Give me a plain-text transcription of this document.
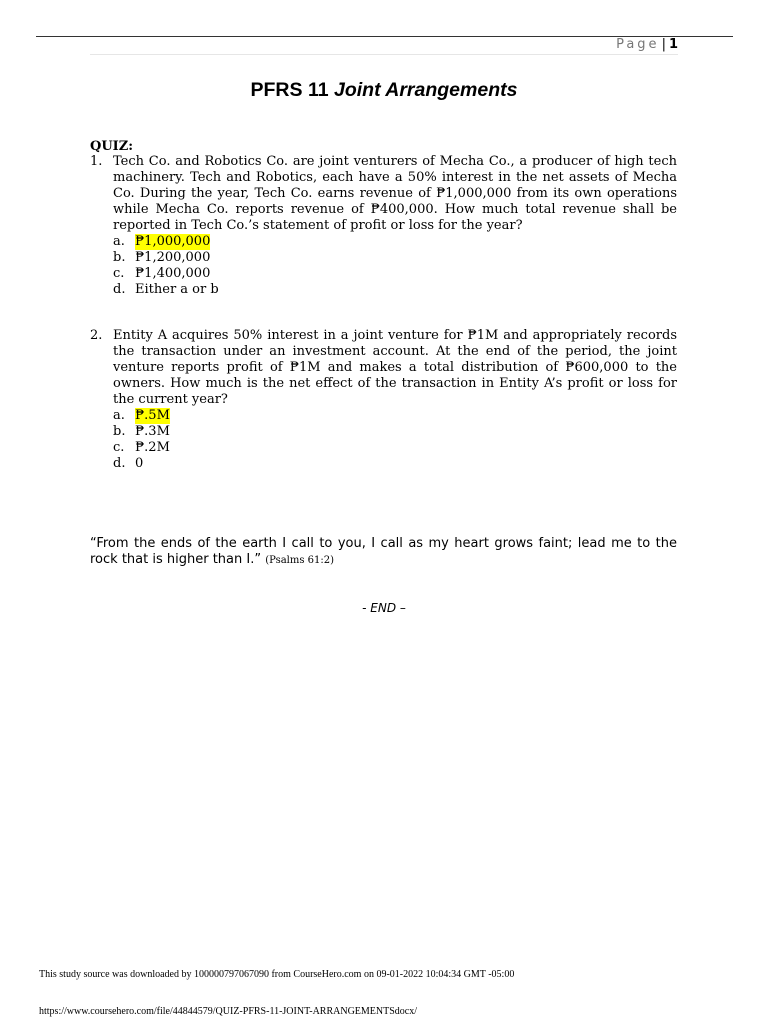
Page | 1
PFRS 11 Joint Arrangements
QUIZ:
1. Tech Co. and Robotics Co. are joint venturers of Mecha Co., a producer of high tech machinery. Tech and Robotics, each have a 50% interest in the net assets of Mecha Co. During the year, Tech Co. earns revenue of ₱1,000,000 from its own operations while Mecha Co. reports revenue of ₱400,000. How much total revenue shall be reported in Tech Co.’s statement of profit or loss for the year?
a. ₱1,000,000
b. ₱1,200,000
c. ₱1,400,000
d. Either a or b
2. Entity A acquires 50% interest in a joint venture for ₱1M and appropriately records the transaction under an investment account. At the end of the period, the joint venture reports profit of ₱1M and makes a total distribution of ₱600,000 to the owners. How much is the net effect of the transaction in Entity A’s profit or loss for the current year?
a. ₱.5M
b. ₱.3M
c. ₱.2M
d. 0
“From the ends of the earth I call to you, I call as my heart grows faint; lead me to the rock that is higher than I.” (Psalms 61:2)
- END –
This study source was downloaded by 100000797067090 from CourseHero.com on 09-01-2022 10:04:34 GMT -05:00
https://www.coursehero.com/file/44844579/QUIZ-PFRS-11-JOINT-ARRANGEMENTSdocx/
